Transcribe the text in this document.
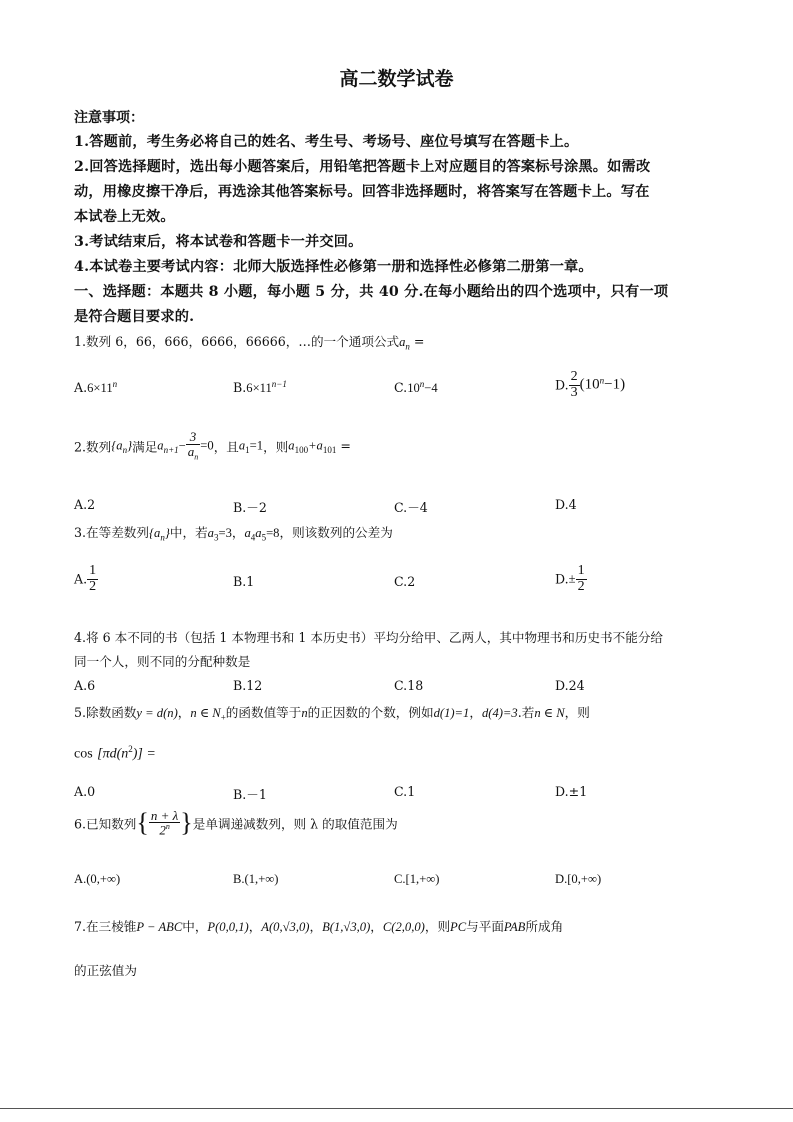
高二数学试卷
注意事项：
1.答题前，考生务必将自己的姓名、考生号、考场号、座位号填写在答题卡上。
2.回答选择题时，选出每小题答案后，用铅笔把答题卡上对应题目的答案标号涂黑。如需改
动，用橡皮擦干净后，再选涂其他答案标号。回答非选择题时，将答案写在答题卡上。写在
本试卷上无效。
3.考试结束后，将本试卷和答题卡一并交回。
4.本试卷主要考试内容：北师大版选择性必修第一册和选择性必修第二册第一章。
一、选择题：本题共 8 小题，每小题 5 分，共 40 分.在每小题给出的四个选项中，只有一项
是符合题目要求的.
1.数列 6，66，666，6666，66666，…的一个通项公式$a_n$ =
$A.6\times 11^n$	$B.6\times 11^{n-1}$	$C.10^n-4$	D. $\frac{2}{3} (10^n-1)$
2.数列$\{a_n\}$满足$a_{n+1}- \frac{3}{a_n} =0$，且$a_1=1$，则$a_{100}+a_{101}$ =
A.2	B.－2	C.－4	D.4
3.在等差数列$\{a_n\}$中，若$a_3=3$，$a_4a_5=8$，则该数列的公差为
A. $\frac{1}{2}$	B.1	C.2	$D.\pm \frac{1}{2}$
4.将 6 本不同的书（包括 1 本物理书和 1 本历史书）平均分给甲、乙两人，其中物理书和历史书不能分给
同一个人，则不同的分配种数是
A.6	B.12	C.18	D.24
5.除数函数y = d(n)，n ∈ $N_+$的函数值等于n的正因数的个数，例如d(1)=1，d(4)=3.若n ∈ N，则
$\cos [\pi d(n^2)]$ =
A.0	B.－1	C.1	D.±1
6.已知数列{ $\frac{n + \lambda}{2^n}$ }是单调递减数列，则 λ 的取值范围为
A.(0,+∞)	B.(1,+∞)	C.[1,+∞)	D.[0,+∞)
7.在三棱锥P − ABC中，P(0,0,1)，A(0,√3,0)，B(1,√3,0)，C(2,0,0)，则PC与平面PAB所成角
的正弦值为
